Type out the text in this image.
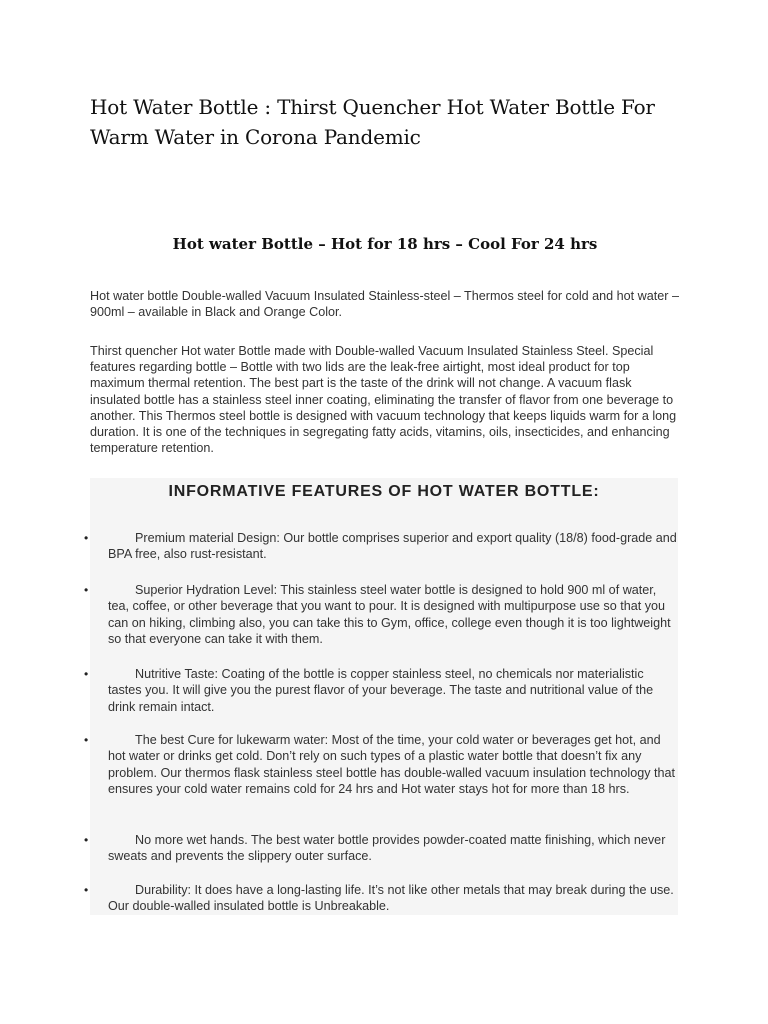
Hot Water Bottle : Thirst Quencher Hot Water Bottle For Warm Water in Corona Pandemic
Hot water Bottle – Hot for 18 hrs – Cool For 24 hrs

Hot water bottle Double-walled Vacuum Insulated Stainless-steel – Thermos steel for cold and hot water – 900ml – available in Black and Orange Color.

Thirst quencher Hot water Bottle made with Double-walled Vacuum Insulated Stainless Steel. Special features regarding bottle – Bottle with two lids are the leak-free airtight, most ideal product for top maximum thermal retention. The best part is the taste of the drink will not change. A vacuum flask insulated bottle has a stainless steel inner coating, eliminating the transfer of flavor from one beverage to another. This Thermos steel bottle is designed with vacuum technology that keeps liquids warm for a long duration. It is one of the techniques in segregating fatty acids, vitamins, oils, insecticides, and enhancing temperature retention.

INFORMATIVE FEATURES OF HOT WATER BOTTLE:
•	Premium material Design: Our bottle comprises superior and export quality (18/8) food-grade and BPA free, also rust-resistant.

•	Superior Hydration Level: This stainless steel water bottle is designed to hold 900 ml of water, tea, coffee, or other beverage that you want to pour. It is designed with multipurpose use so that you can on hiking, climbing also, you can take this to Gym, office, college even though it is too lightweight so that everyone can take it with them.

•	Nutritive Taste: Coating of the bottle is copper stainless steel, no chemicals nor materialistic tastes you. It will give you the purest flavor of your beverage. The taste and nutritional value of the drink remain intact.

•	The best Cure for lukewarm water: Most of the time, your cold water or beverages get hot, and hot water or drinks get cold. Don’t rely on such types of a plastic water bottle that doesn’t fix any problem. Our thermos flask stainless steel bottle has double-walled vacuum insulation technology that ensures your cold water remains cold for 24 hrs and Hot water stays hot for more than 18 hrs.

•	No more wet hands. The best water bottle provides powder-coated matte finishing, which never sweats and prevents the slippery outer surface.

•	Durability: It does have a long-lasting life. It’s not like other metals that may break during the use. Our double-walled insulated bottle is Unbreakable.
